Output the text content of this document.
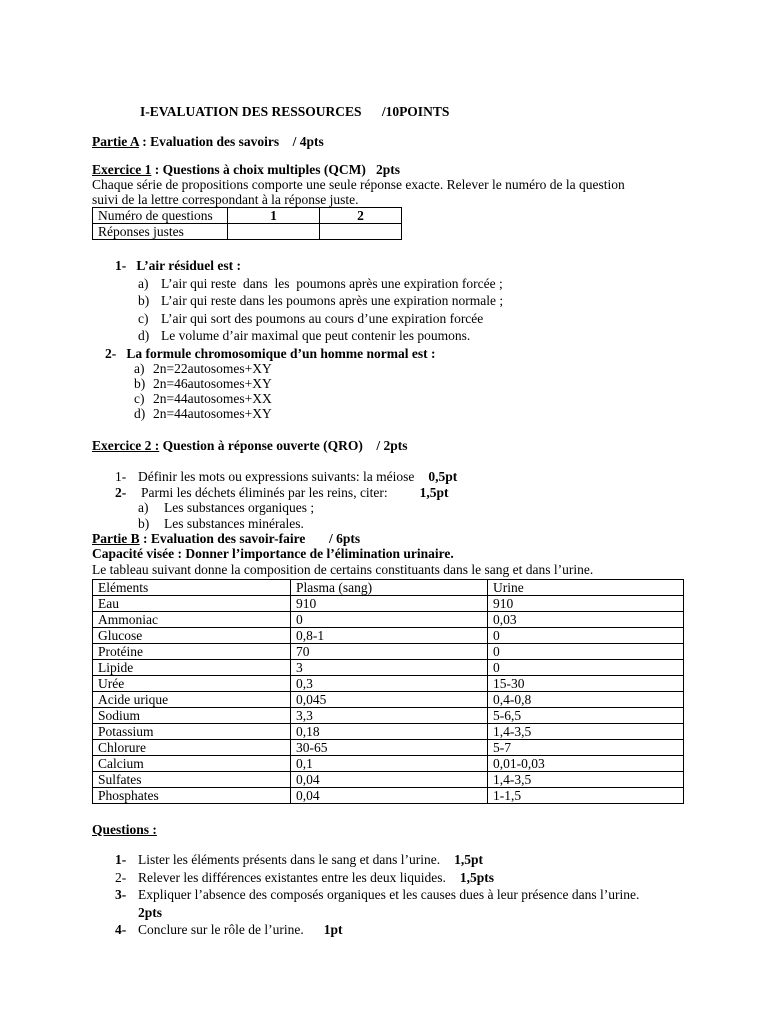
I-EVALUATION DES RESSOURCES      /10POINTS
Partie A : Evaluation des savoirs    / 4pts
Exercice 1 : Questions à choix multiples (QCM)   2pts
Chaque série de propositions comporte une seule réponse exacte. Relever le numéro de la question
suivi de la lettre correspondant à la réponse juste.
Numéro de questions	1	2
Réponses justes		
1- L’air résiduel est :
a) L’air qui reste  dans  les  poumons après une expiration forcée ;
b) L’air qui reste dans les poumons après une expiration normale ;
c) L’air qui sort des poumons au cours d’une expiration forcée
d) Le volume d’air maximal que peut contenir les poumons.
2- La formule chromosomique d’un homme normal est :
a) 2n=22autosomes+XY
b) 2n=46autosomes+XY
c) 2n=44autosomes+XX
d) 2n=44autosomes+XY
Exercice 2 : Question à réponse ouverte (QRO)    / 2pts
1- Définir les mots ou expressions suivants: la méiose 0,5pt
2- Parmi les déchets éliminés par les reins, citer: 1,5pt
a) Les substances organiques ;
b) Les substances minérales.
Partie B : Evaluation des savoir-faire       / 6pts
Capacité visée : Donner l’importance de l’élimination urinaire.
Le tableau suivant donne la composition de certains constituants dans le sang et dans l’urine.
Eléments	Plasma (sang)	Urine
Eau	910	910
Ammoniac	0	0,03
Glucose	0,8-1	0
Protéine	70	0
Lipide	3	0
Urée	0,3	15-30
Acide urique	0,045	0,4-0,8
Sodium	3,3	5-6,5
Potassium	0,18	1,4-3,5
Chlorure	30-65	5-7
Calcium	0,1	0,01-0,03
Sulfates	0,04	1,4-3,5
Phosphates	0,04	1-1,5
Questions :
1- Lister les éléments présents dans le sang et dans l’urine. 1,5pt
2- Relever les différences existantes entre les deux liquides. 1,5pts
3- Expliquer l’absence des composés organiques et les causes dues à leur présence dans l’urine.
2pts
4- Conclure sur le rôle de l’urine. 1pt
